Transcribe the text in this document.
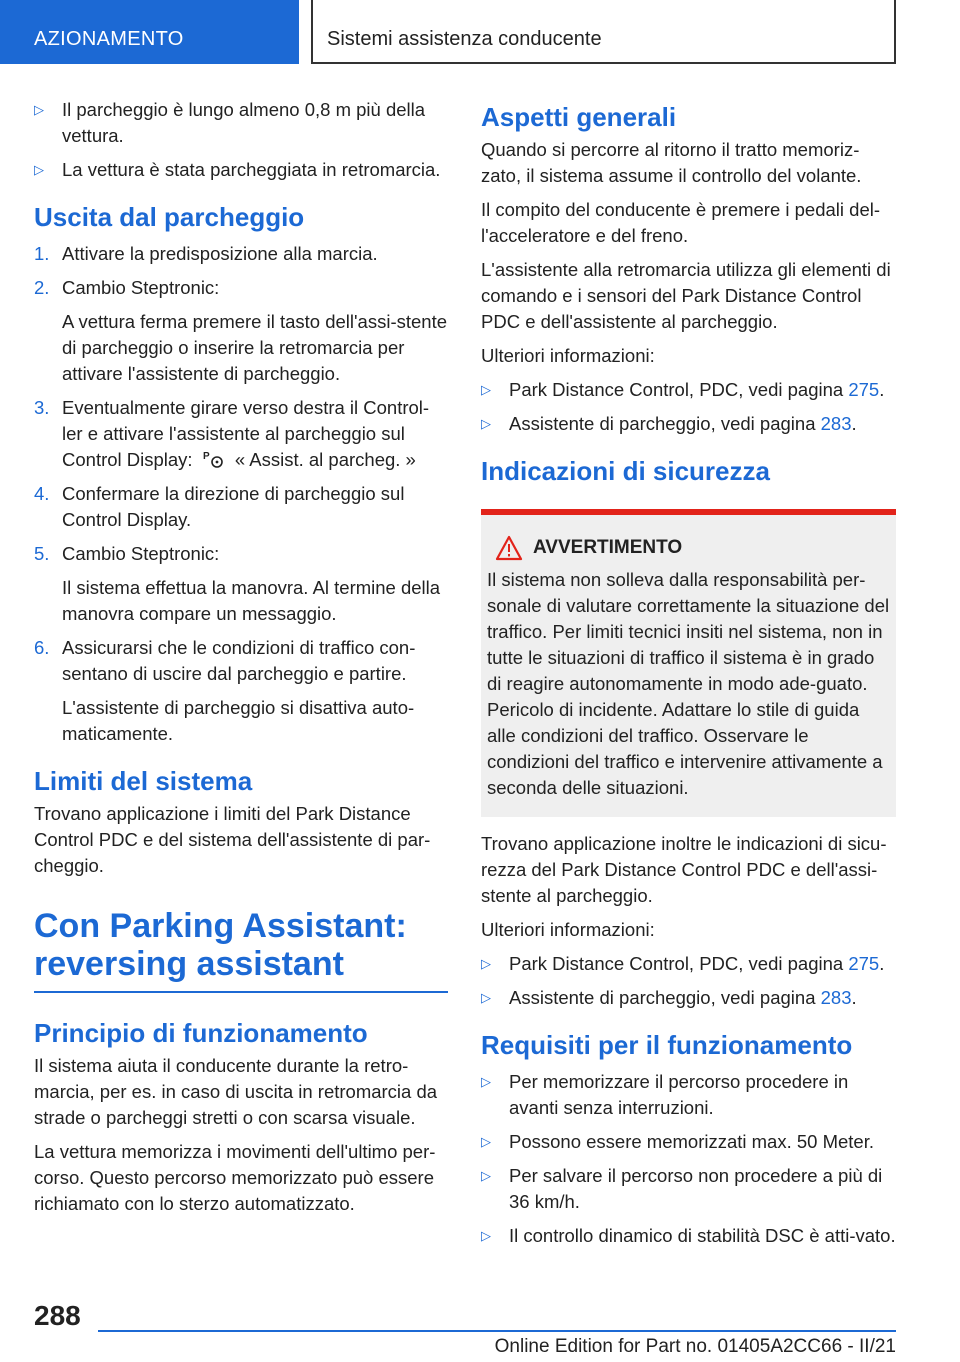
AZIONAMENTO	Sistemi assistenza conducente
▷ Il parcheggio è lungo almeno 0,8 m più della vettura.
▷ La vettura è stata parcheggiata in retromarcia.
Uscita dal parcheggio
1. Attivare la predisposizione alla marcia.
2. Cambio Steptronic:

A vettura ferma premere il tasto dell'assi-stente di parcheggio o inserire la retromarcia per attivare l'assistente di parcheggio.

3. Eventualmente girare verso destra il Control-ler e attivare l'assistente al parcheggio sul Control Display: P « Assist. al parcheg. »
4. Confermare la direzione di parcheggio sul Control Display.
5. Cambio Steptronic:

Il sistema effettua la manovra. Al termine della manovra compare un messaggio.

6. Assicurarsi che le condizioni di traffico con-sentano di uscire dal parcheggio e partire.

L'assistente di parcheggio si disattiva auto-maticamente.

Limiti del sistema

Trovano applicazione i limiti del Park Distance Control PDC e del sistema dell'assistente di par-cheggio.

Con Parking Assistant: reversing assistant
Principio di funzionamento

Il sistema aiuta il conducente durante la retro-marcia, per es. in caso di uscita in retromarcia da strade o parcheggi stretti o con scarsa visuale.

La vettura memorizza i movimenti dell'ultimo per-corso. Questo percorso memorizzato può essere richiamato con lo sterzo automatizzato.

Aspetti generali

Quando si percorre al ritorno il tratto memoriz-zato, il sistema assume il controllo del volante.

Il compito del conducente è premere i pedali del-l'acceleratore e del freno.

L'assistente alla retromarcia utilizza gli elementi di comando e i sensori del Park Distance Control PDC e dell'assistente al parcheggio.

Ulteriori informazioni:

▷ Park Distance Control, PDC, vedi pagina 275.
▷ Assistente di parcheggio, vedi pagina 283.
Indicazioni di sicurezza
AVVERTIMENTO

Il sistema non solleva dalla responsabilità per-sonale di valutare correttamente la situazione del traffico. Per limiti tecnici insiti nel sistema, non in tutte le situazioni di traffico il sistema è in grado di reagire autonomamente in modo ade-guato. Pericolo di incidente. Adattare lo stile di guida alle condizioni del traffico. Osservare le condizioni del traffico e intervenire attivamente a seconda delle situazioni.

Trovano applicazione inoltre le indicazioni di sicu-rezza del Park Distance Control PDC e dell'assi-stente al parcheggio.

Ulteriori informazioni:

▷ Park Distance Control, PDC, vedi pagina 275.
▷ Assistente di parcheggio, vedi pagina 283.
Requisiti per il funzionamento
▷ Per memorizzare il percorso procedere in avanti senza interruzioni.
▷ Possono essere memorizzati max. 50 Meter.
▷ Per salvare il percorso non procedere a più di 36 km/h.
▷ Il controllo dinamico di stabilità DSC è atti-vato.
288
Online Edition for Part no. 01405A2CC66 - II/21
